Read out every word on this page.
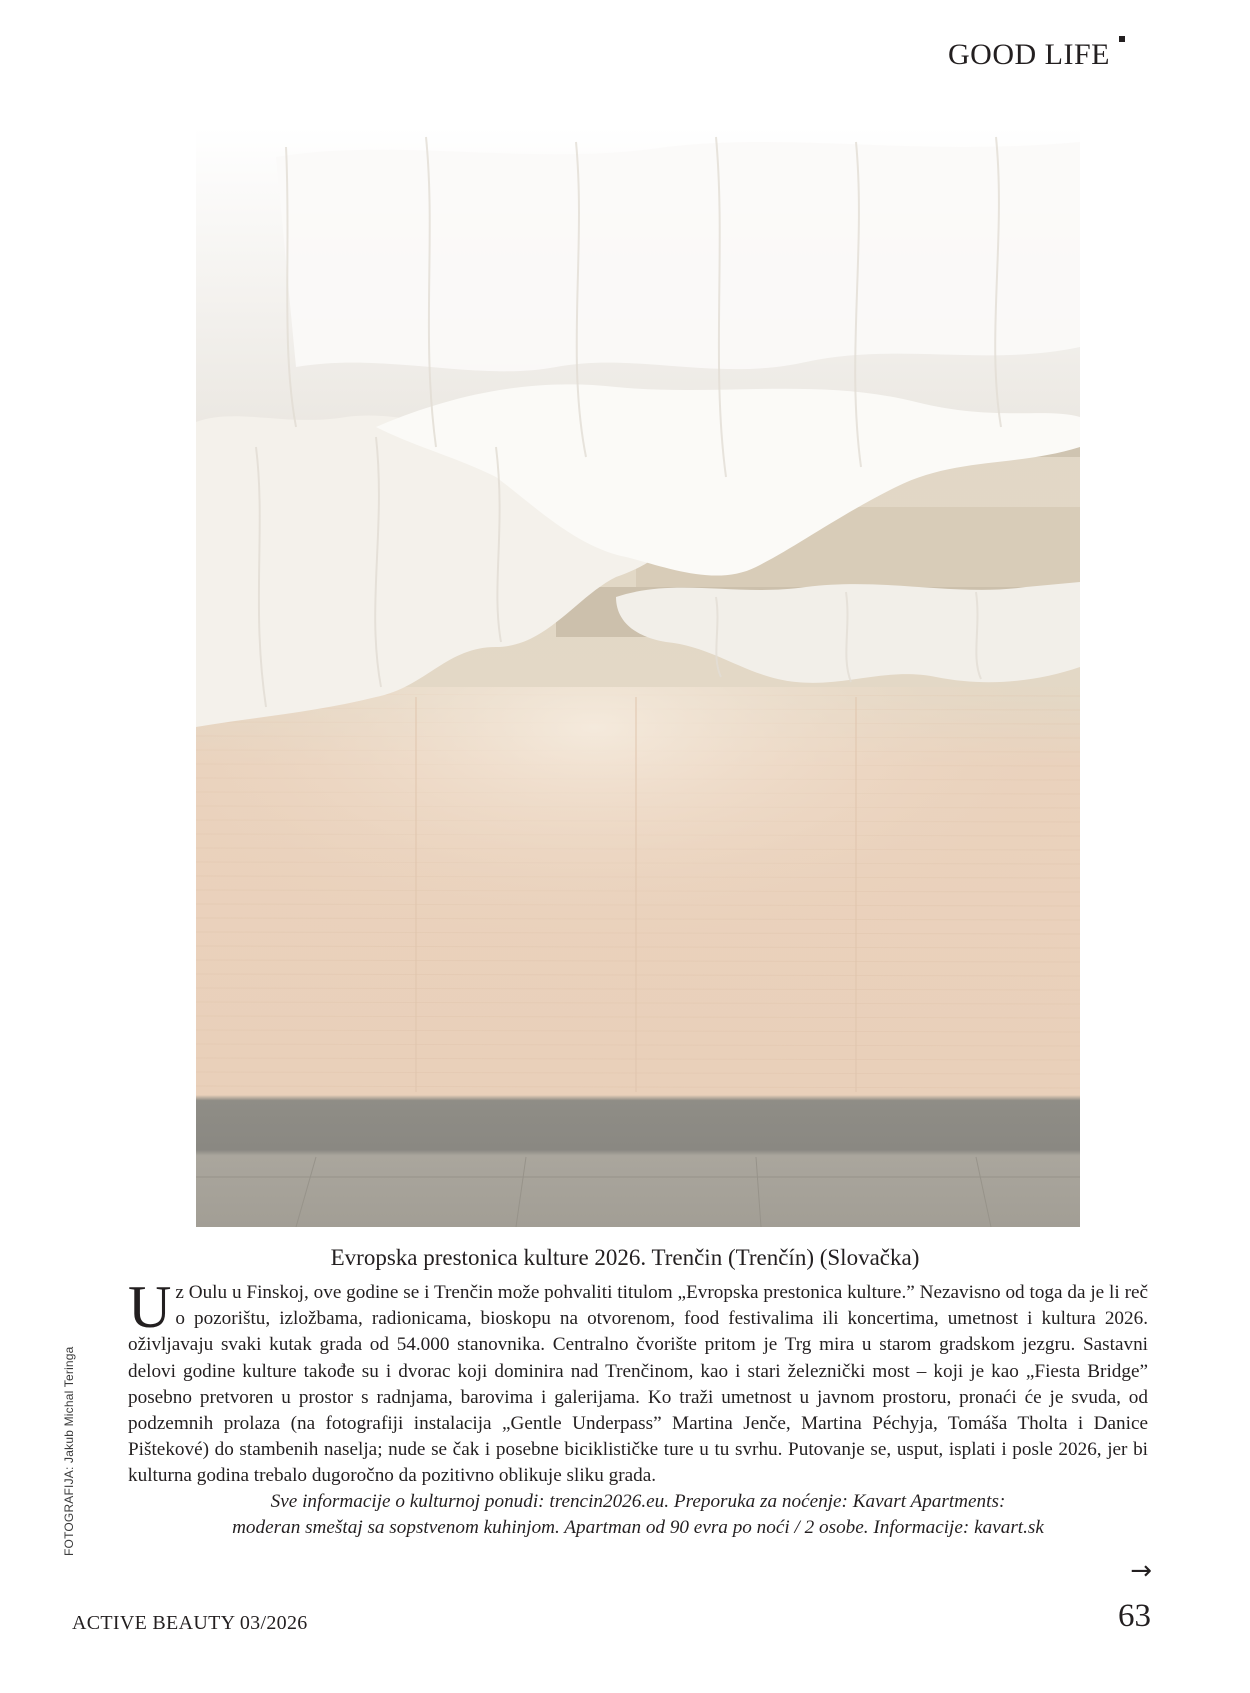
GOOD LIFE
Evropska prestonica kulture 2026. Trenčin (Trenčín) (Slovačka)

Uz Oulu u Finskoj, ove godine se i Trenčin može pohvaliti titulom „Evropska prestonica kulture.” Nezavisno od toga da je li reč o pozorištu, izložbama, radionicama, bioskopu na otvorenom, food festivalima ili koncertima, umetnost i kultura 2026. oživljavaju svaki kutak grada od 54.000 stanovnika. Centralno čvorište pritom je Trg mira u starom gradskom jezgru. Sastavni delovi godine kulture takođe su i dvorac koji dominira nad Trenčinom, kao i stari železnički most – koji je kao „Fiesta Bridge” posebno pretvoren u prostor s radnjama, barovima i galerijama. Ko traži umetnost u javnom prostoru, pronaći će je svuda, od podzemnih prolaza (na fotografiji instalacija „Gentle Underpass” Martina Jenče, Martina Péchyja, Tomáša Tholta i Danice Pištekové) do stambenih naselja; nude se čak i posebne biciklističke ture u tu svrhu. Putovanje se, usput, isplati i posle 2026, jer bi kulturna godina trebalo dugoročno da pozitivno oblikuje sliku grada.

Sve informacije o kulturnoj ponudi: trencin2026.eu. Preporuka za noćenje: Kavart Apartments:
moderan smeštaj sa sopstvenom kuhinjom. Apartman od 90 evra po noći / 2 osobe. Informacije: kavart.sk

FOTOGRAFIJA: Jakub Michal Teringa
→
ACTIVE BEAUTY 03/2026	63
